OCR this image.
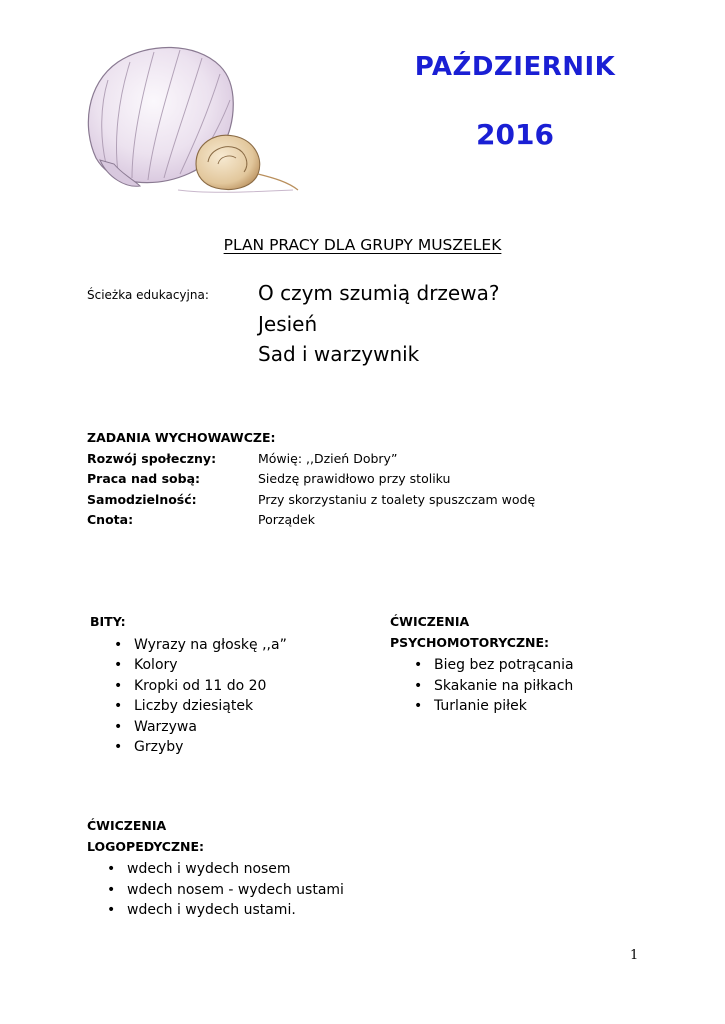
PAŹDZIERNIK
2016
PLAN PRACY DLA GRUPY MUSZELEK
Ścieżka edukacyjna: O czym szumią drzewa?
Jesień
Sad i warzywnik
ZADANIA WYCHOWAWCZE:
Rozwój społeczny:	Mówię: ,,Dzień Dobry”
Praca nad sobą:	Siedzę prawidłowo przy stoliku
Samodzielność:	Przy skorzystaniu z toalety spuszczam wodę
Cnota:	Porządek
BITY:
• Wyrazy na głoskę ,,a”
• Kolory
• Kropki od 11 do 20
• Liczby dziesiątek
• Warzywa
• Grzyby
ĆWICZENIA
PSYCHOMOTORYCZNE:
• Bieg bez potrącania
• Skakanie na piłkach
• Turlanie piłek
ĆWICZENIA
LOGOPEDYCZNE:
• wdech i wydech nosem
• wdech nosem - wydech ustami
• wdech i wydech ustami.
1
